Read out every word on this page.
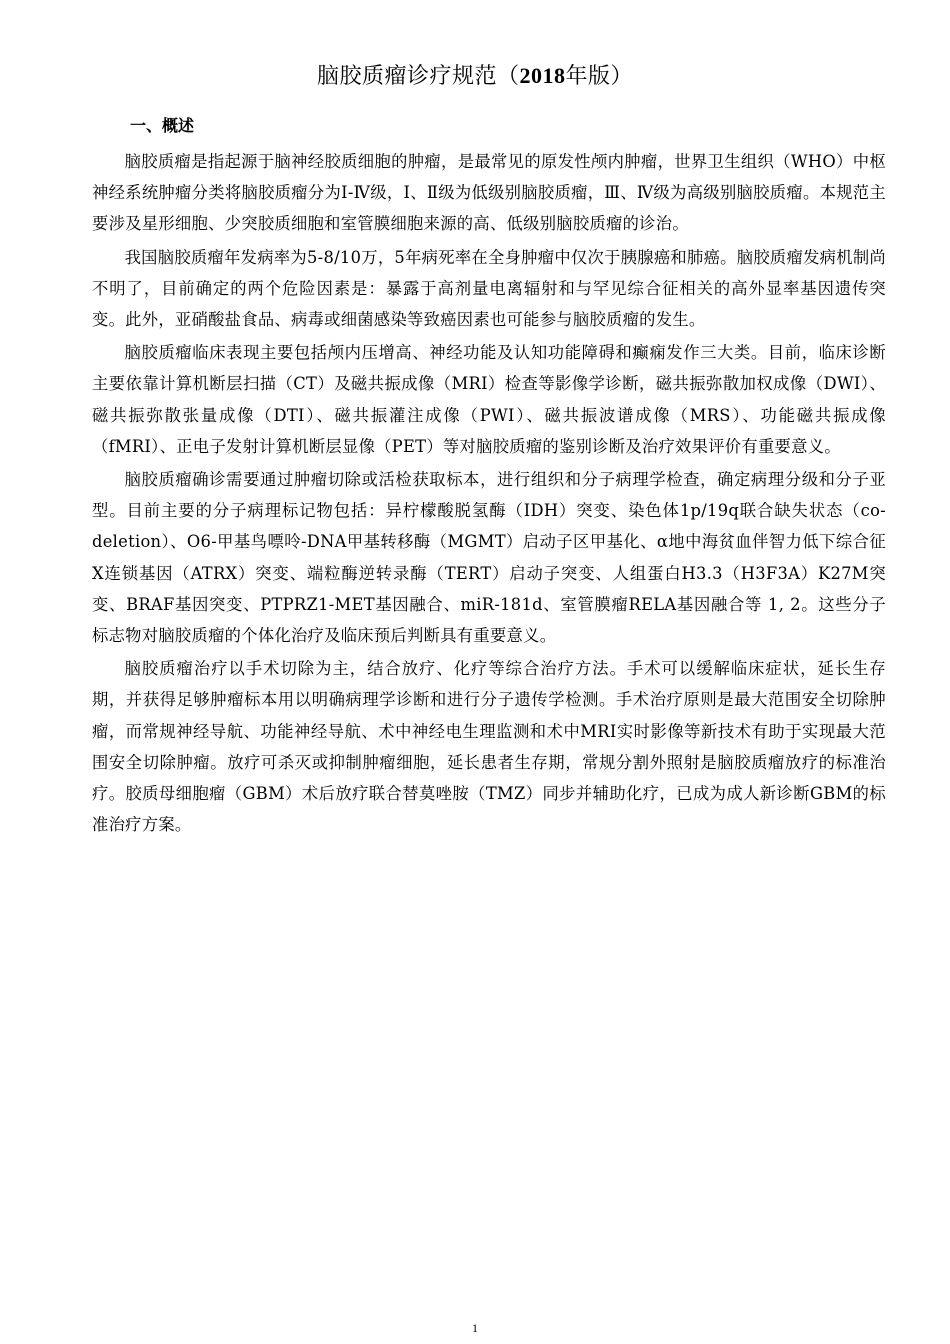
脑胶质瘤诊疗规范（2018年版）
一、概述

脑胶质瘤是指起源于脑神经胶质细胞的肿瘤，是最常见的原发性颅内肿瘤，世界卫生组织（WHO）中枢神经系统肿瘤分类将脑胶质瘤分为Ⅰ-Ⅳ级，Ⅰ、Ⅱ级为低级别脑胶质瘤，Ⅲ、Ⅳ级为高级别脑胶质瘤。本规范主要涉及星形细胞、少突胶质细胞和室管膜细胞来源的高、低级别脑胶质瘤的诊治。

我国脑胶质瘤年发病率为5-8/10万，5年病死率在全身肿瘤中仅次于胰腺癌和肺癌。脑胶质瘤发病机制尚不明了，目前确定的两个危险因素是：暴露于高剂量电离辐射和与罕见综合征相关的高外显率基因遗传突变。此外，亚硝酸盐食品、病毒或细菌感染等致癌因素也可能参与脑胶质瘤的发生。

脑胶质瘤临床表现主要包括颅内压增高、神经功能及认知功能障碍和癫痫发作三大类。目前，临床诊断主要依靠计算机断层扫描（CT）及磁共振成像（MRI）检查等影像学诊断，磁共振弥散加权成像（DWI）、磁共振弥散张量成像（DTI）、磁共振灌注成像（PWI）、磁共振波谱成像（MRS）、功能磁共振成像（fMRI）、正电子发射计算机断层显像（PET）等对脑胶质瘤的鉴别诊断及治疗效果评价有重要意义。

脑胶质瘤确诊需要通过肿瘤切除或活检获取标本，进行组织和分子病理学检查，确定病理分级和分子亚型。目前主要的分子病理标记物包括：异柠檬酸脱氢酶（IDH）突变、染色体1p/19q联合缺失状态（co-deletion）、O6-甲基鸟嘌呤-DNA甲基转移酶（MGMT）启动子区甲基化、α地中海贫血伴智力低下综合征X连锁基因（ATRX）突变、端粒酶逆转录酶（TERT）启动子突变、人组蛋白H3.3（H3F3A）K27M突变、BRAF基因突变、PTPRZ1-MET基因融合、miR-181d、室管膜瘤RELA基因融合等 1, 2。这些分子标志物对脑胶质瘤的个体化治疗及临床预后判断具有重要意义。

脑胶质瘤治疗以手术切除为主，结合放疗、化疗等综合治疗方法。手术可以缓解临床症状，延长生存期，并获得足够肿瘤标本用以明确病理学诊断和进行分子遗传学检测。手术治疗原则是最大范围安全切除肿瘤，而常规神经导航、功能神经导航、术中神经电生理监测和术中MRI实时影像等新技术有助于实现最大范围安全切除肿瘤。放疗可杀灭或抑制肿瘤细胞，延长患者生存期，常规分割外照射是脑胶质瘤放疗的标准治疗。胶质母细胞瘤（GBM）术后放疗联合替莫唑胺（TMZ）同步并辅助化疗，已成为成人新诊断GBM的标准治疗方案。

1
